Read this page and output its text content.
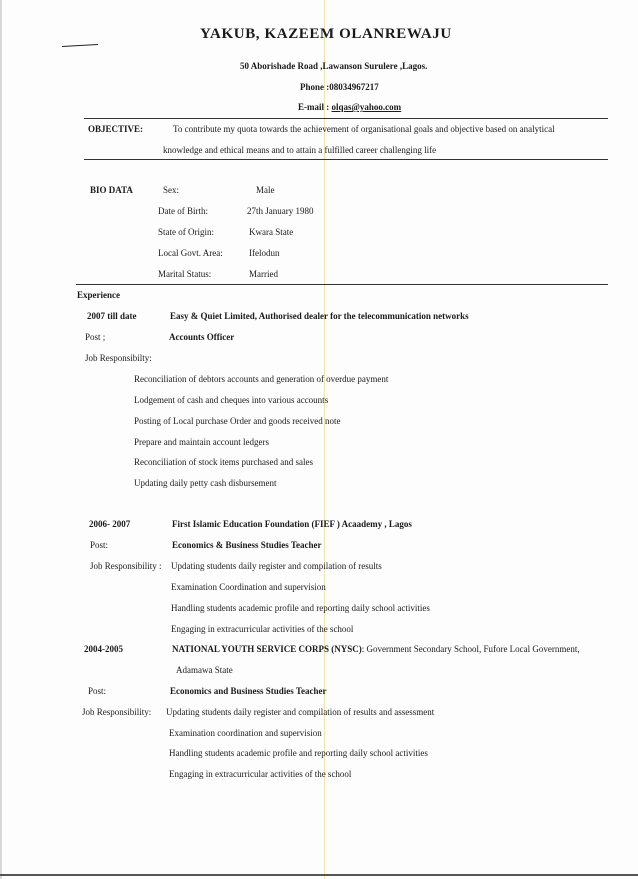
YAKUB, KAZEEM OLANREWAJU
50 Aborishade Road ,Lawanson Surulere ,Lagos.
Phone :08034967217
E-mail : olqas@yahoo.com
OBJECTIVE:	To contribute my quota towards the achievement of organisational goals and objective based on analytical
knowledge and ethical means and to attain a fulfilled career challenging life
BIO DATA	Sex:	Male
Date of Birth:	27th January 1980
State of Origin:	Kwara State
Local Govt. Area:	Ifelodun
Marital Status:	Married
Experience
2007 till date	Easy & Quiet Limited, Authorised dealer for the telecommunication networks
Post ;	Accounts Officer
Job Responsibilty:
Reconciliation of debtors accounts and generation of overdue payment
Lodgement of cash and cheques into various accounts
Posting of Local purchase Order and goods received note
Prepare and maintain account ledgers
Reconciliation of stock items purchased and sales
Updating daily petty cash disbursement
2006- 2007	First Islamic Education Foundation (FIEF ) Acaademy , Lagos
Post:	Economics & Business Studies Teacher
Job Responsibility : Updating students daily register and compilation of results
Examination Coordination and supervision
Handling students academic profile and reporting daily school activities
Engaging in extracurricular activities of the school
2004-2005	NATIONAL YOUTH SERVICE CORPS (NYSC): Government Secondary School, Fufore Local Government,
Adamawa State
Post:	Economics and Business Studies Teacher
Job Responsibility: Updating students daily register and compilation of results and assessment
Examination coordination and supervision
Handling students academic profile and reporting daily school activities
Engaging in extracurricular activities of the school
